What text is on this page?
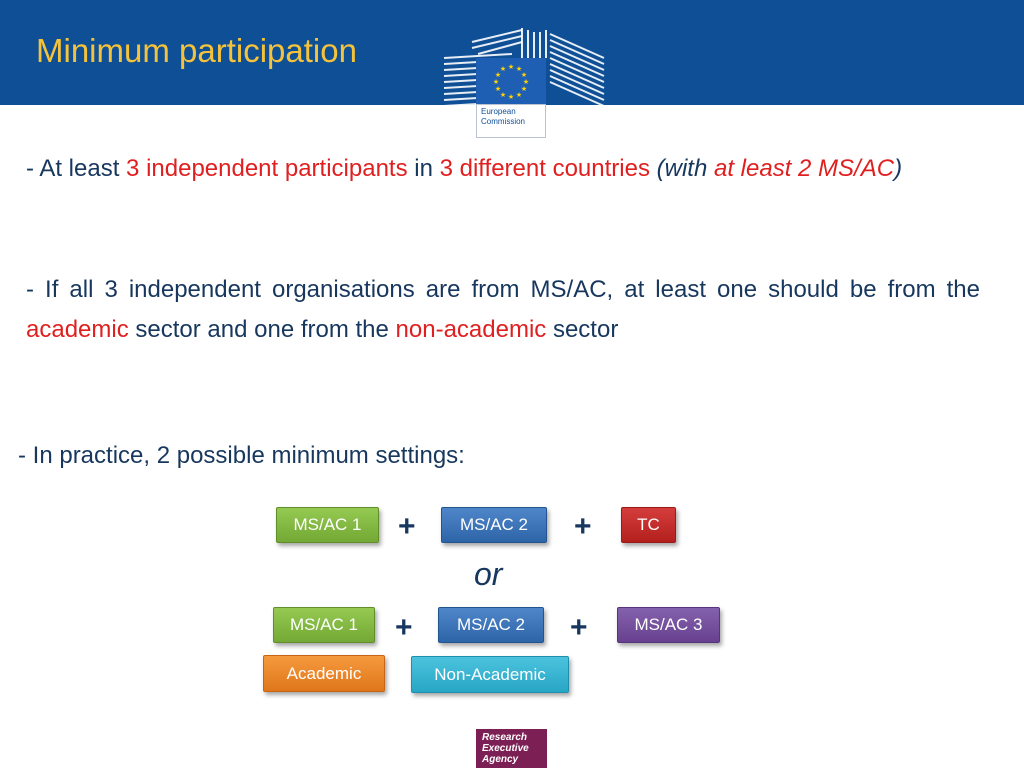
Minimum participation	★ ★
★
★
★
★
★
★
★
★
★
★
European
Commission
- At least 3 independent participants in 3 different countries (with at least 2 MS/AC)
- If all 3 independent organisations are from MS/AC, at least one should be from the academic sector and one from the non-academic sector
- In practice, 2 possible minimum settings:
MS/AC 1	+	MS/AC 2	+	TC
or
MS/AC 1	+	MS/AC 2	+	MS/AC 3
Academic	Non-Academic
Research
Executive
Agency
